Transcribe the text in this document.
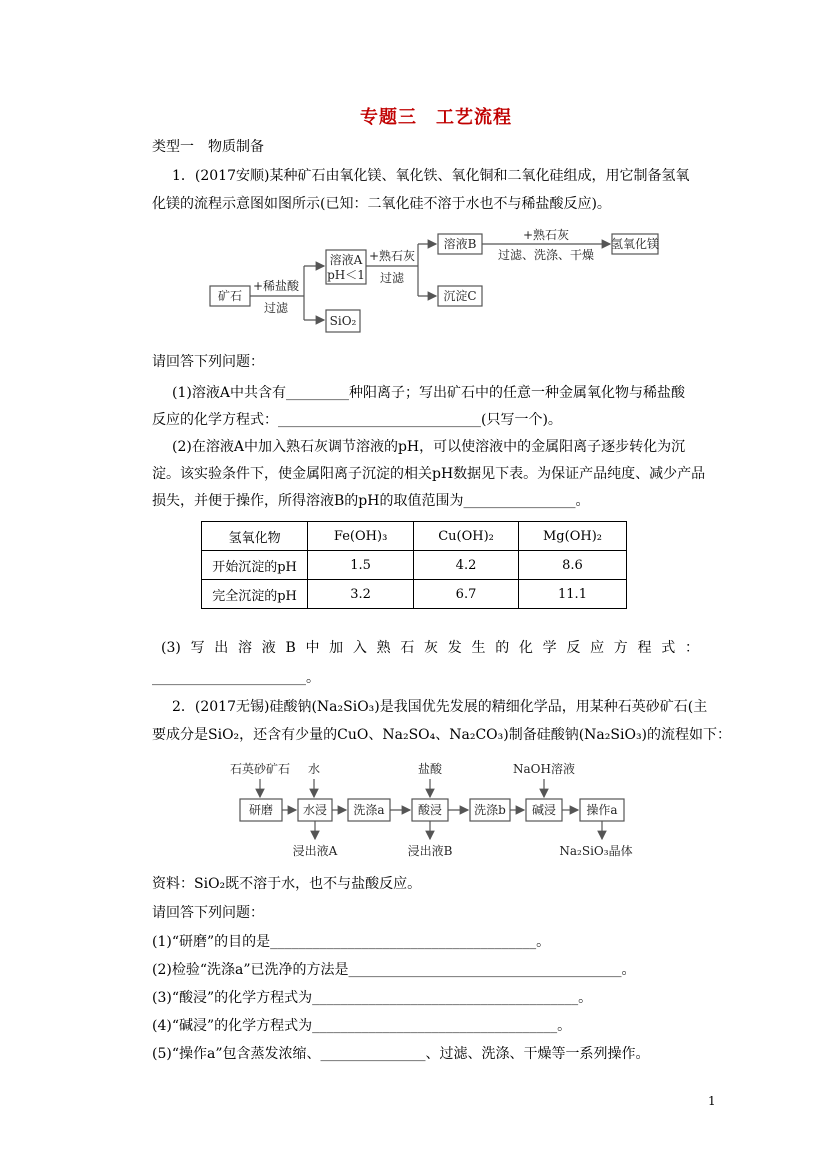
专题三　工艺流程
类型一　物质制备
1．(2017安顺)某种矿石由氧化镁、氧化铁、氧化铜和二氧化硅组成，用它制备氢氧
化镁的流程示意图如图所示(已知：二氧化硅不溶于水也不与稀盐酸反应)。
矿石
+稀盐酸
过滤
溶液A
pH＜1
SiO₂
+熟石灰
过滤
溶液B
沉淀C
+熟石灰
过滤、洗涤、干燥
氢氧化镁
请回答下列问题：
(1)溶液A中共含有_________种阳离子；写出矿石中的任意一种金属氧化物与稀盐酸
反应的化学方程式：_____________________________(只写一个)。
(2)在溶液A中加入熟石灰调节溶液的pH，可以使溶液中的金属阳离子逐步转化为沉
淀。该实验条件下，使金属阳离子沉淀的相关pH数据见下表。为保证产品纯度、减少产品
损失，并便于操作，所得溶液B的pH的取值范围为________________。
氢氧化物	Fe(OH)₃	Cu(OH)₂	Mg(OH)₂
开始沉淀的pH	1.5	4.2	8.6
完全沉淀的pH	3.2	6.7	11.1
(3) 写 出 溶 液 B 中 加 入 熟 石 灰 发 生 的 化 学 反 应 方 程 式 ：
______________________。
2．(2017无锡)硅酸钠(Na₂SiO₃)是我国优先发展的精细化学品，用某种石英砂矿石(主
要成分是SiO₂，还含有少量的CuO、Na₂SO₄、Na₂CO₃)制备硅酸钠(Na₂SiO₃)的流程如下：
石英砂矿石 水	盐酸	NaOH溶液
研磨 水浸 洗涤a	酸浸	洗涤b 碱浸	操作a
浸出液A	浸出液B	Na₂SiO₃晶体
资料：SiO₂既不溶于水，也不与盐酸反应。
请回答下列问题：
(1)“研磨”的目的是______________________________________。
(2)检验“洗涤a”已洗净的方法是_______________________________________。
(3)“酸浸”的化学方程式为______________________________________。
(4)“碱浸”的化学方程式为___________________________________。
(5)“操作a”包含蒸发浓缩、_______________、过滤、洗涤、干燥等一系列操作。
1
